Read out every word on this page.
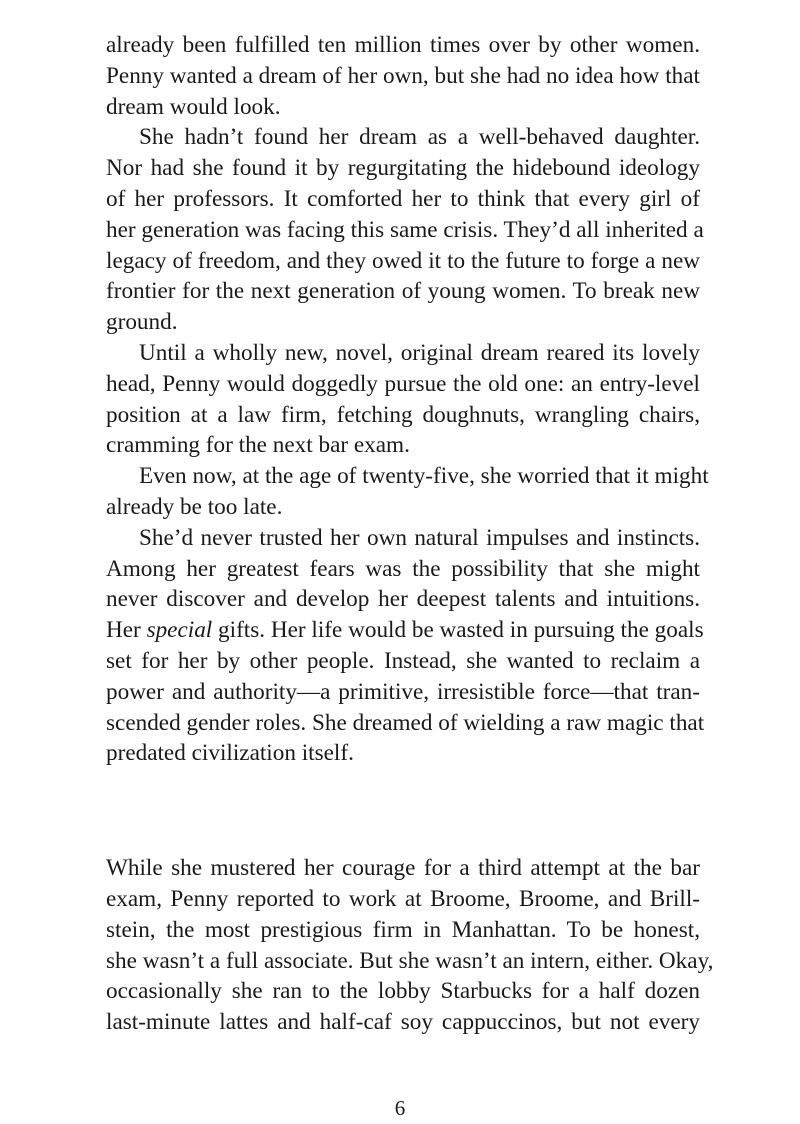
already been fulfilled ten million times over by other women.
Penny wanted a dream of her own, but she had no idea how that
dream would look.
She hadn’t found her dream as a well-behaved daughter.
Nor had she found it by regurgitating the hidebound ideology
of her professors. It comforted her to think that every girl of
her generation was facing this same crisis. They’d all inherited a
legacy of freedom, and they owed it to the future to forge a new
frontier for the next generation of young women. To break new
ground.
Until a wholly new, novel, original dream reared its lovely
head, Penny would doggedly pursue the old one: an entry-level
position at a law firm, fetching doughnuts, wrangling chairs,
cramming for the next bar exam.
Even now, at the age of twenty-five, she worried that it might
already be too late.
She’d never trusted her own natural impulses and instincts.
Among her greatest fears was the possibility that she might
never discover and develop her deepest talents and intuitions.
Her special gifts. Her life would be wasted in pursuing the goals
set for her by other people. Instead, she wanted to reclaim a
power and authority—a primitive, irresistible force—that tran-
scended gender roles. She dreamed of wielding a raw magic that
predated civilization itself.
While she mustered her courage for a third attempt at the bar
exam, Penny reported to work at Broome, Broome, and Brill-
stein, the most prestigious firm in Manhattan. To be honest,
she wasn’t a full associate. But she wasn’t an intern, either. Okay,
occasionally she ran to the lobby Starbucks for a half dozen
last-minute lattes and half-caf soy cappuccinos, but not every
6
